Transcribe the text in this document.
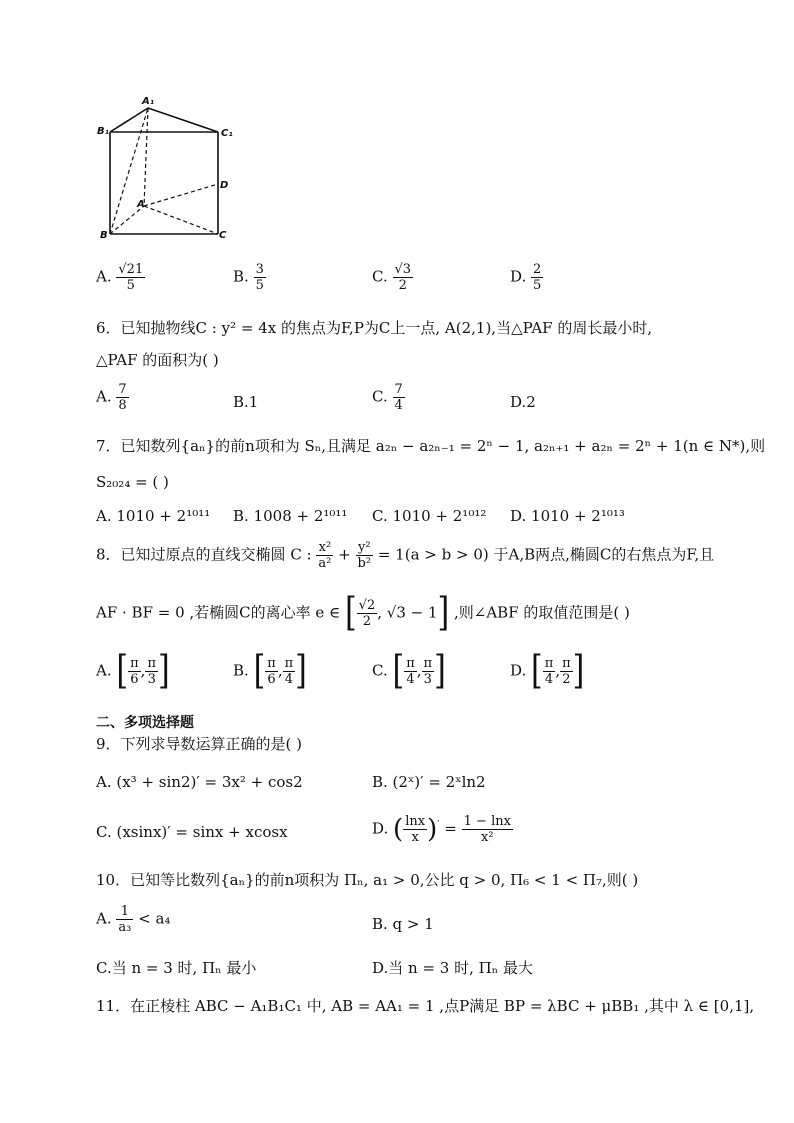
A₁
B₁	C₁
D
A
B	C
A. $\frac{√21}{5}$	B. $\frac{3}{5}$	C. $\frac{√3}{2}$	D. $\frac{2}{5}$
6．已知抛物线C : y² = 4x 的焦点为F,P为C上一点, A(2,1),当△PAF 的周长最小时,
△PAF 的面积为( )
A. $\frac{7}{8}$	B.1	C. $\frac{7}{4}$	D.2
7．已知数列{aₙ}的前n项和为 Sₙ,且满足 a₂ₙ − a₂ₙ₋₁ = 2ⁿ − 1, a₂ₙ₊₁ + a₂ₙ = 2ⁿ + 1(n ∈ N*),则
S₂₀₂₄ = ( )
A. 1010 + 2¹⁰¹¹ B. 1008 + 2¹⁰¹¹ C. 1010 + 2¹⁰¹² D. 1010 + 2¹⁰¹³
8．已知过原点的直线交椭圆 C : $\frac{\text{x²}}{\text{a²}} + \frac{\text{y²}}{\text{b²}} = 1(a > b > 0)$ 于A,B两点,椭圆C的右焦点为F,且
AF · BF = 0 ,若椭圆C的离心率 e ∈ [ $\frac{√2}{2}$ , √3 − 1] ,则∠ABF 的取值范围是( )
A. [ $\frac{\pi}{6}$ , $\frac{\pi}{3}$ ]	B. [ $\frac{\pi}{6}$ , $\frac{\pi}{4}$ ]	C. [ $\frac{\pi}{4}$ , $\frac{\pi}{3}$ ]	D. [ $\frac{\pi}{4}$ , $\frac{\pi}{2}$ ]
二、多项选择题
9．下列求导数运算正确的是( )
A. (x³ + sin2)′ = 3x² + cos2	B. (2ˣ)′ = 2ˣln2
C. (xsinx)′ = sinx + xcosx	D. ( $\frac{\ln x}{x} )' = \frac{1 - \ln x}{\text{x²}}$
10．已知等比数列{aₙ}的前n项积为 Πₙ, a₁ > 0,公比 q > 0, Π₆ < 1 < Π₇,则( )
A. $\frac{1}{\text{a₃}} < a_4$	B. q > 1
C.当 n = 3 时, Πₙ 最小	D.当 n = 3 时, Πₙ 最大
11．在正棱柱 ABC − A₁B₁C₁ 中, AB = AA₁ = 1 ,点P满足 BP = λBC + μBB₁ ,其中 λ ∈ [0,1],
